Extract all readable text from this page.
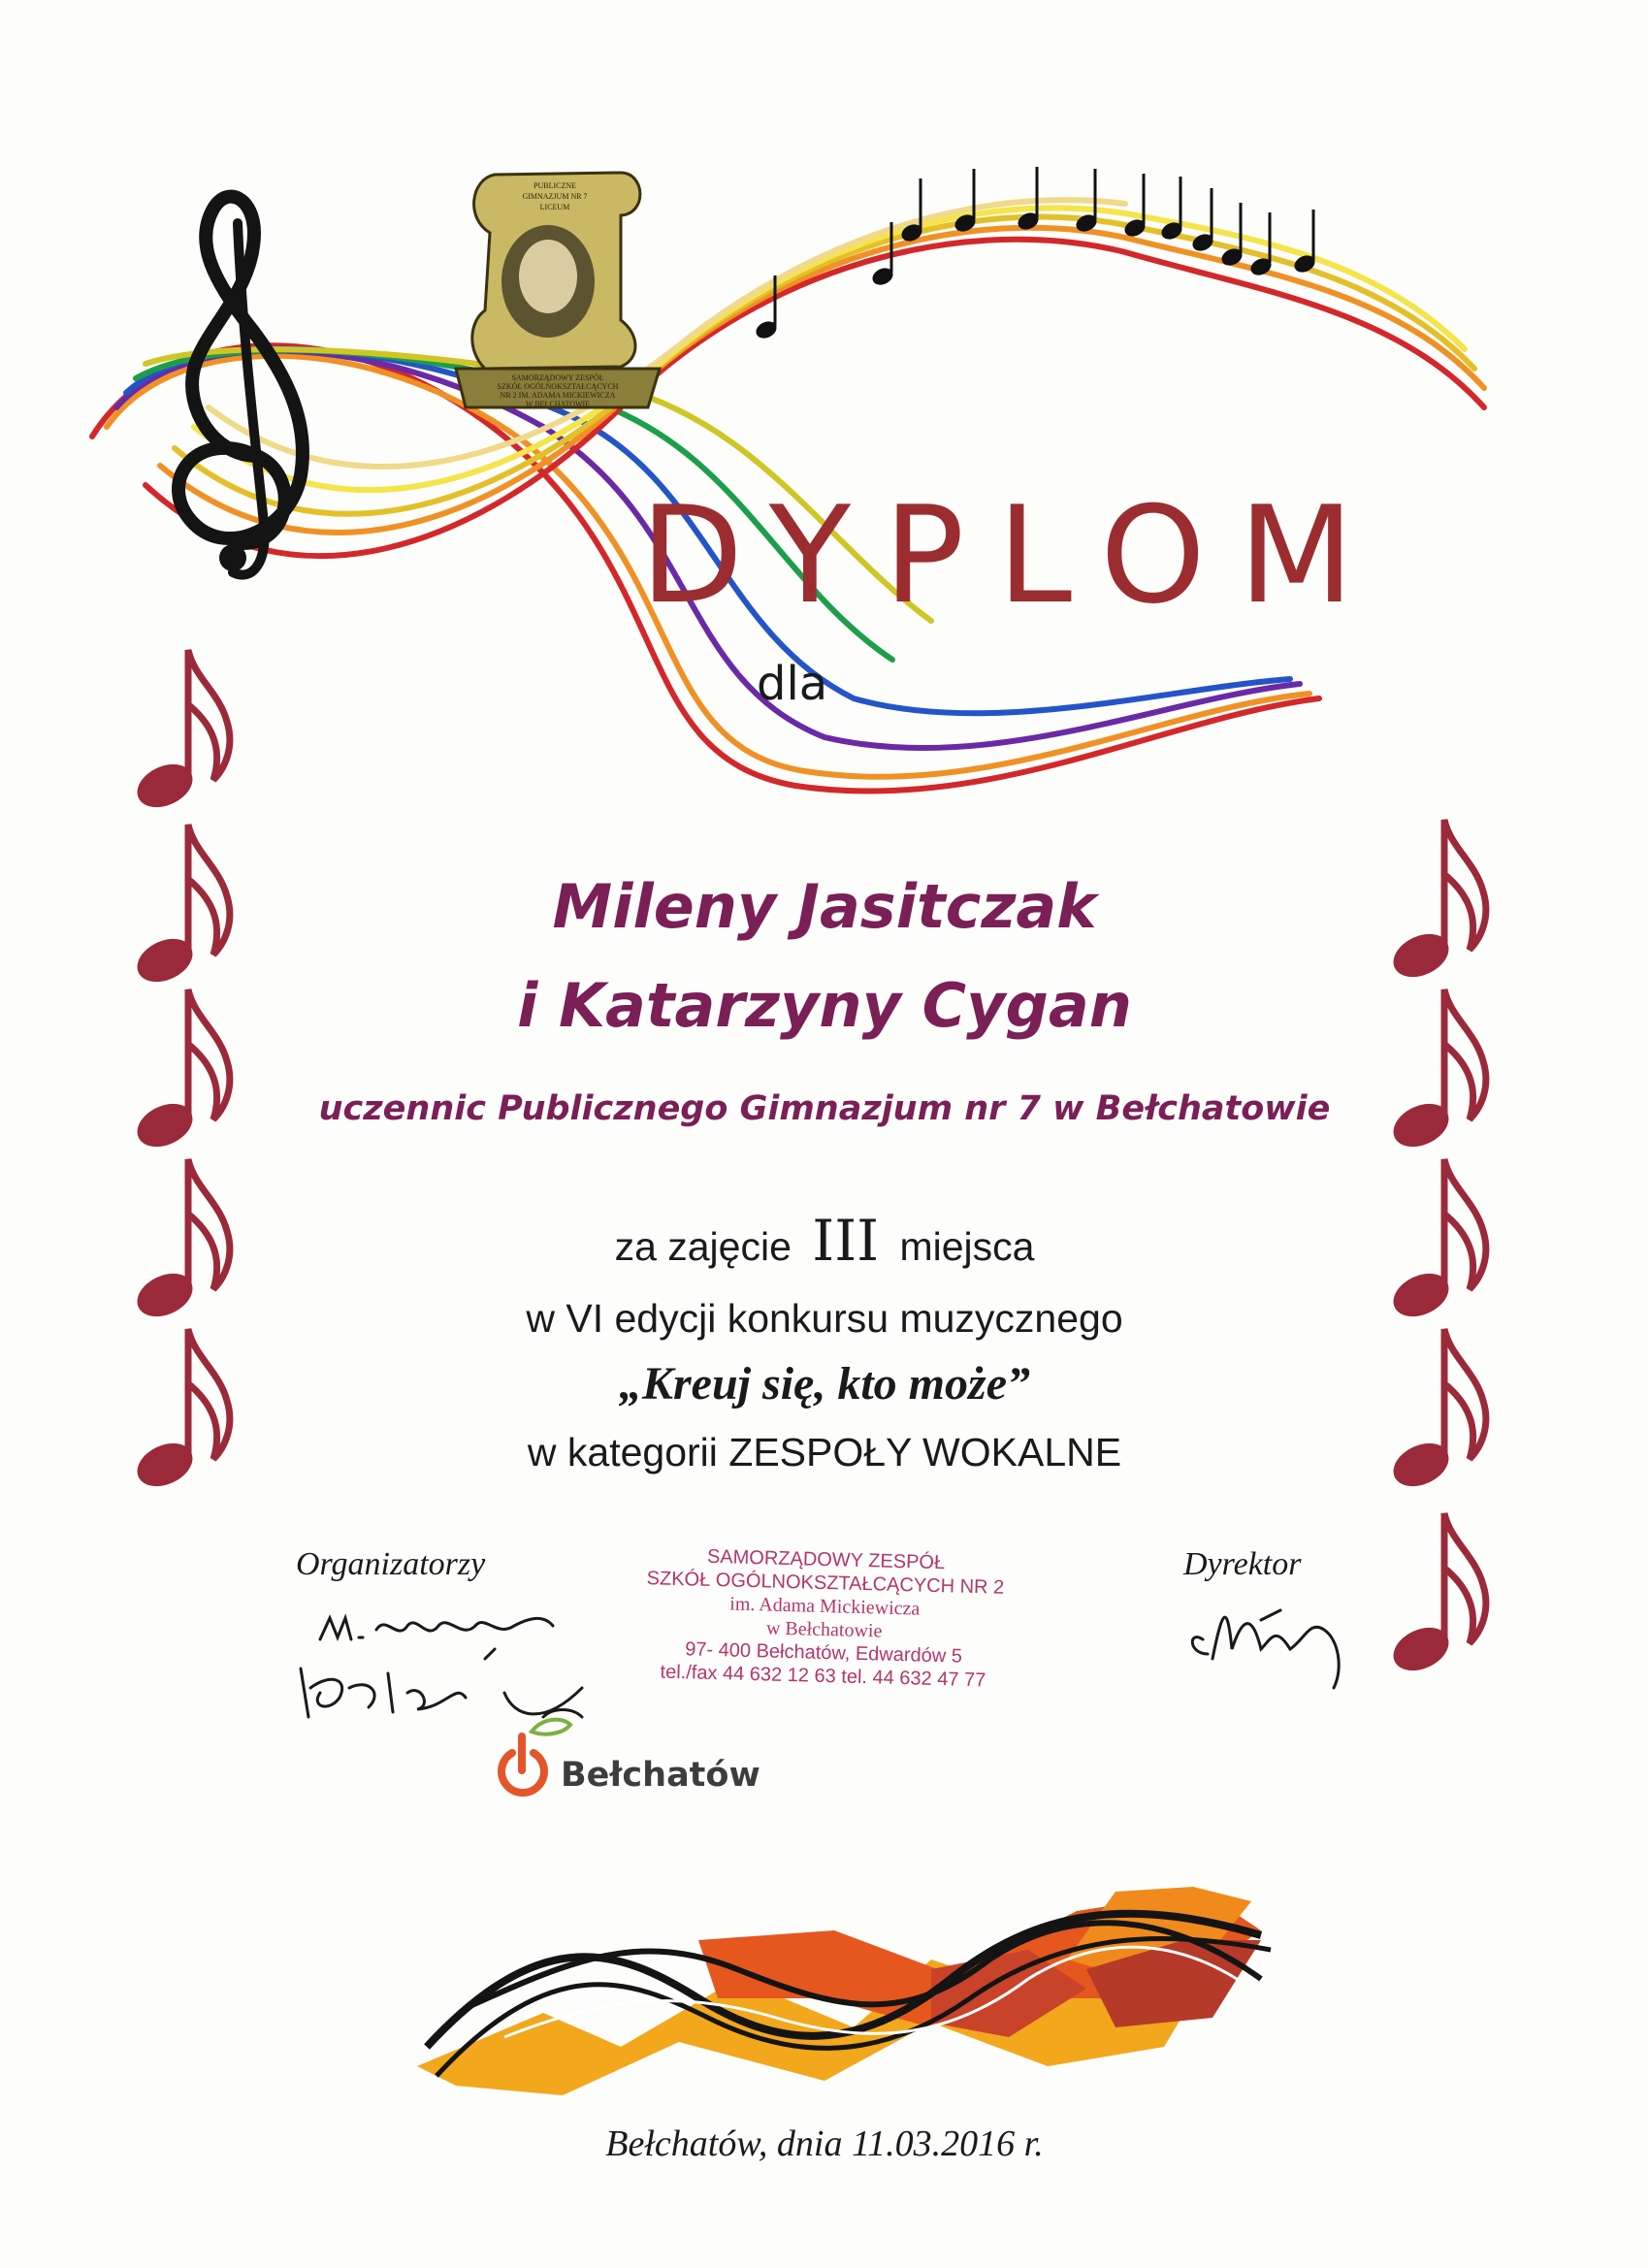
PUBLICZNE
GIMNAZJUM NR 7
LICEUM
SAMORZĄDOWY ZESPÓŁ
SZKÓŁ OGÓLNOKSZTAŁCĄCYCH
NR 2 IM. ADAMA MICKIEWICZA
W BEŁCHATOWIE
DYPLOM
dla
Mileny Jasitczak
i Katarzyny Cygan
uczennic Publicznego Gimnazjum nr 7 w Bełchatowie
za zajęcie III miejsca
w VI edycji konkursu muzycznego
„Kreuj się, kto może”
w kategorii ZESPOŁY WOKALNE
Organizatorzy	Dyrektor
SAMORZĄDOWY ZESPÓŁ
SZKÓŁ OGÓLNOKSZTAŁCĄCYCH NR 2
im. Adama Mickiewicza
w Bełchatowie
97- 400 Bełchatów, Edwardów 5
tel./fax 44 632 12 63 tel. 44 632 47 77
Bełchatów
Bełchatów, dnia 11.03.2016 r.
